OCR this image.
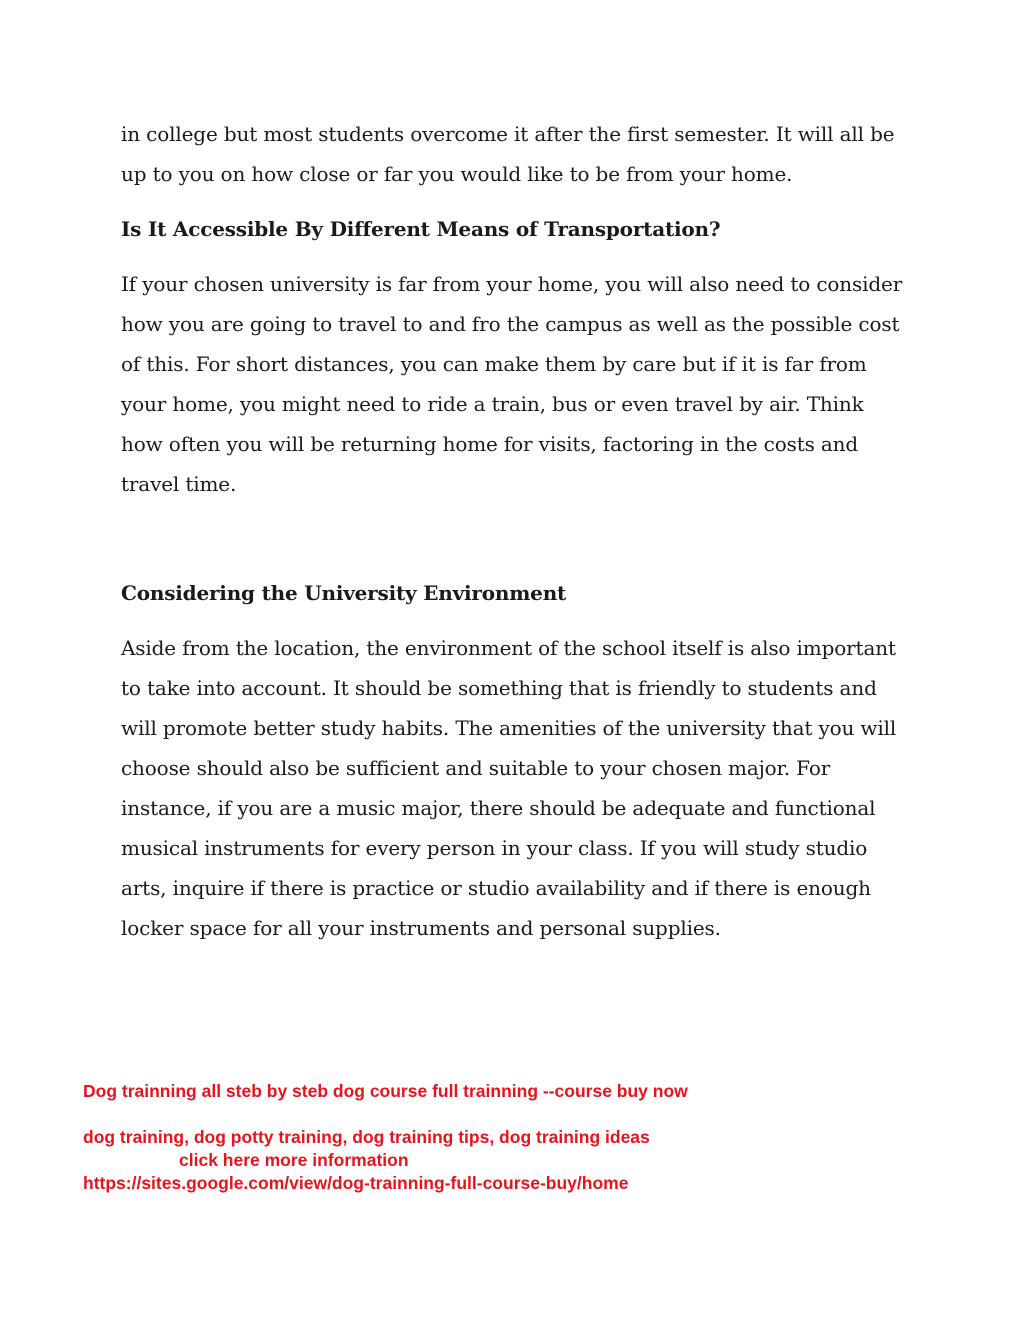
in college but most students overcome it after the first semester. It will all be up to you on how close or far you would like to be from your home.

Is It Accessible By Different Means of Transportation?

If your chosen university is far from your home, you will also need to consider how you are going to travel to and fro the campus as well as the possible cost of this. For short distances, you can make them by care but if it is far from your home, you might need to ride a train, bus or even travel by air. Think how often you will be returning home for visits, factoring in the costs and travel time.

Considering the University Environment

Aside from the location, the environment of the school itself is also important to take into account. It should be something that is friendly to students and will promote better study habits. The amenities of the university that you will choose should also be sufficient and suitable to your chosen major. For instance, if you are a music major, there should be adequate and functional musical instruments for every person in your class. If you will study studio arts, inquire if there is practice or studio availability and if there is enough locker space for all your instruments and personal supplies.

Dog trainning all steb by steb dog course full trainning --course buy now

dog training, dog potty training, dog training tips, dog training ideas

click here more information

https://sites.google.com/view/dog-trainning-full-course-buy/home
